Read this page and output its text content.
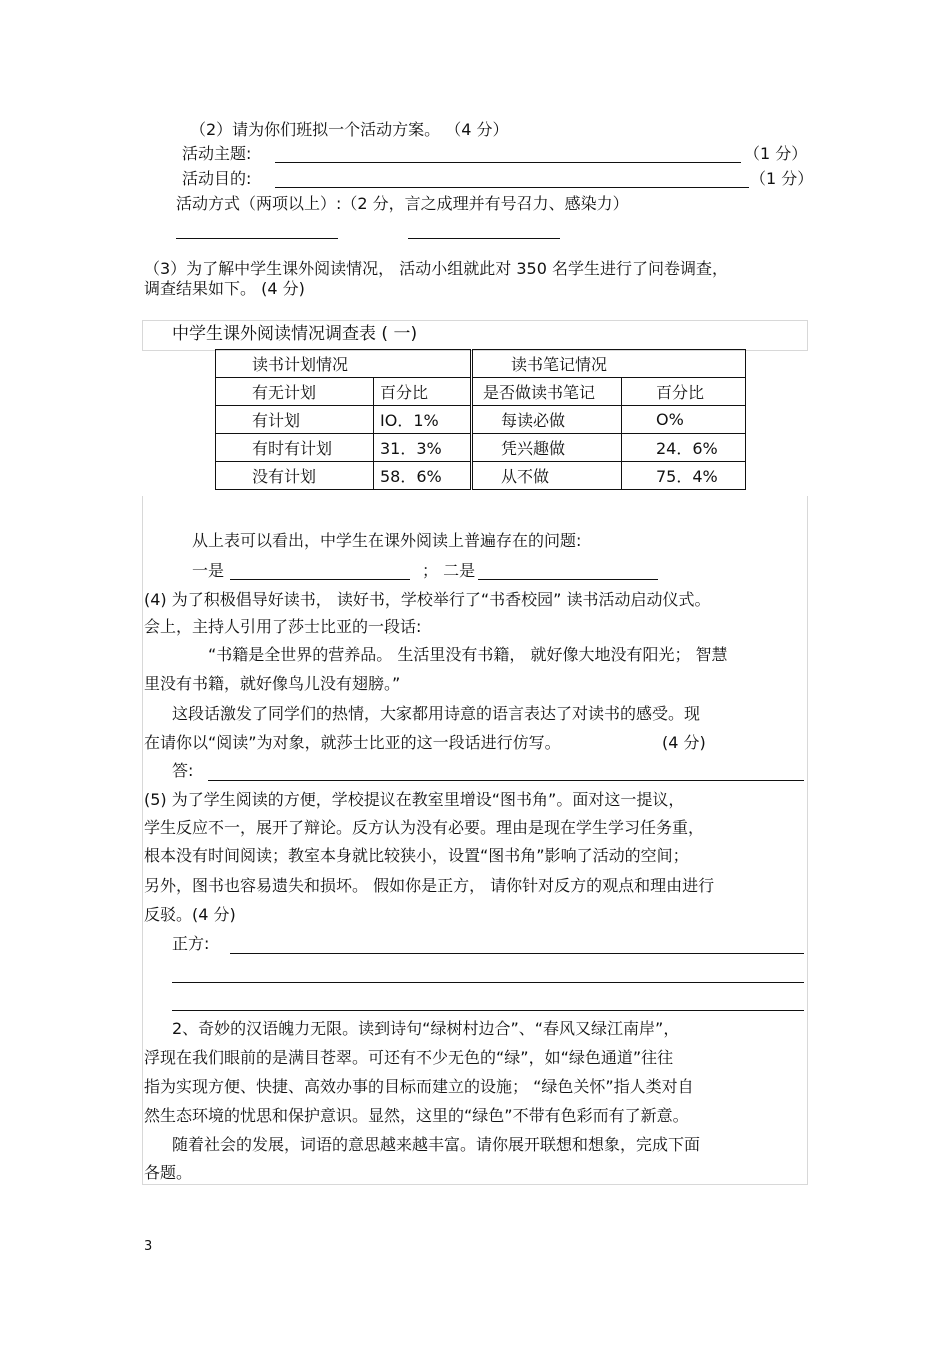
（2）请为你们班拟一个活动方案。 （4 分）
活动主题:	（1 分）
活动目的:	（1 分）
活动方式（两项以上）:（2 分，言之成理并有号召力、感染力）
（3）为了解中学生课外阅读情况， 活动小组就此对 350 名学生进行了问卷调查，
调查结果如下。 (4 分)
中学生课外阅读情况调查表 ( 一)
读书计划情况		读书笔记情况	
有无计划	百分比	是否做读书笔记	百分比
有计划	IO．1%	每读必做	O%
有时有计划	31．3%	凭兴趣做	24．6%
没有计划	58．6%	从不做	75．4%
从上表可以看出，中学生在课外阅读上普遍存在的问题:
一是	； 二是
(4) 为了积极倡导好读书， 读好书，学校举行了“书香校园” 读书活动启动仪式。
会上，主持人引用了莎士比亚的一段话:
“书籍是全世界的营养品。 生活里没有书籍， 就好像大地没有阳光； 智慧
里没有书籍，就好像鸟儿没有翅膀。”
这段话激发了同学们的热情，大家都用诗意的语言表达了对读书的感受。现
在请你以“阅读”为对象，就莎士比亚的这一段话进行仿写。	(4 分)
答:
(5) 为了学生阅读的方便，学校提议在教室里增设“图书角”。面对这一提议，
学生反应不一，展开了辩论。反方认为没有必要。理由是现在学生学习任务重，
根本没有时间阅读；教室本身就比较狭小，设置“图书角”影响了活动的空间；
另外，图书也容易遗失和损坏。 假如你是正方， 请你针对反方的观点和理由进行
反驳。(4 分)
正方:
2、奇妙的汉语魄力无限。读到诗句“绿树村边合”、“春风又绿江南岸”，
浮现在我们眼前的是满目苍翠。可还有不少无色的“绿”，如“绿色通道”往往
指为实现方便、快捷、高效办事的目标而建立的设施； “绿色关怀”指人类对自
然生态环境的忧思和保护意识。显然，这里的“绿色”不带有色彩而有了新意。
随着社会的发展，词语的意思越来越丰富。请你展开联想和想象，完成下面
各题。
3
